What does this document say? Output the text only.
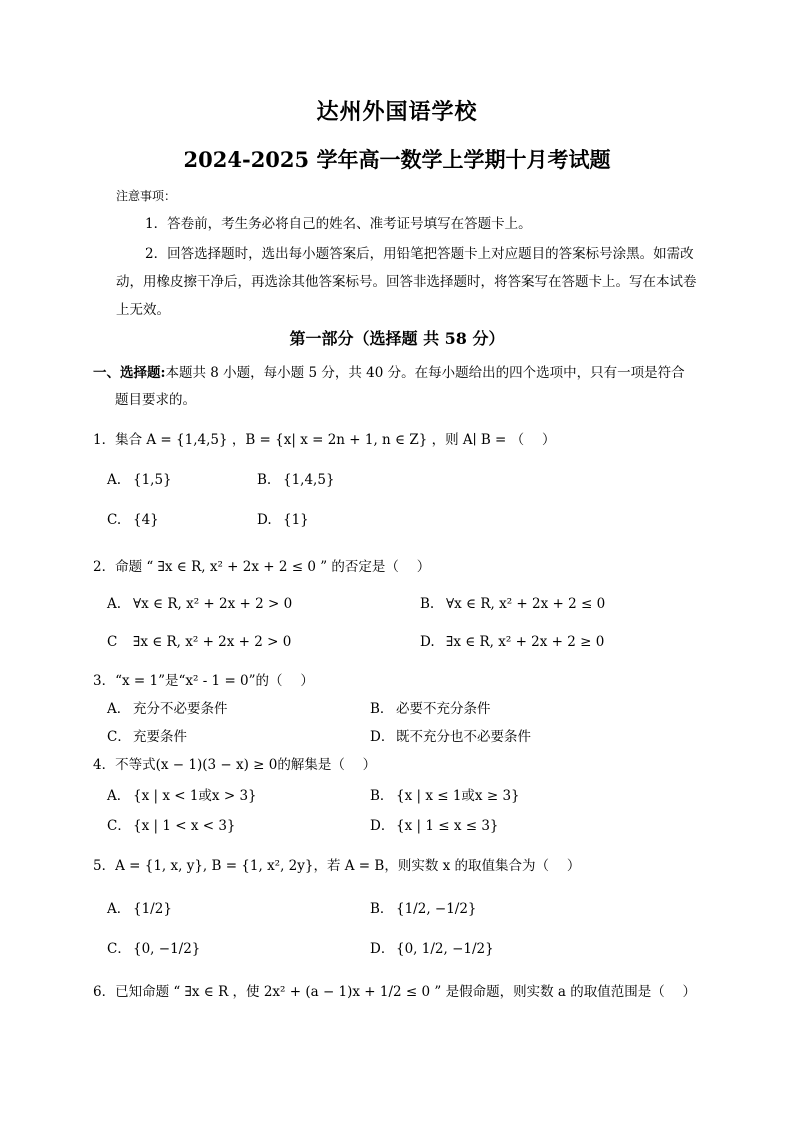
达州外国语学校
2024-2025 学年高一数学上学期十月考试题
注意事项：
1．答卷前，考生务必将自己的姓名、准考证号填写在答题卡上。
2．回答选择题时，选出每小题答案后，用铅笔把答题卡上对应题目的答案标号涂黑。如需改动，用橡皮擦干净后，再选涂其他答案标号。回答非选择题时，将答案写在答题卡上。写在本试卷上无效。
第一部分（选择题 共 58 分）
一、选择题:本题共 8 小题，每小题 5 分，共 40 分。在每小题给出的四个选项中，只有一项是符合
题目要求的。
1．集合 A = {1,4,5} ，B = {x| x = 2n + 1, n ∈ Z} ，则 A∣ B = （　 ）
A. {1,5}	B. {1,4,5}
C. {4}	D. {1}
2．命题 “ ∃x ∈ R, x² + 2x + 2 ≤ 0 ” 的否定是（　 ）
A. ∀x ∈ R, x² + 2x + 2 > 0	B. ∀x ∈ R, x² + 2x + 2 ≤ 0
C ∃x ∈ R, x² + 2x + 2 > 0	D. ∃x ∈ R, x² + 2x + 2 ≥ 0
3．“x = 1”是“x² - 1 = 0”的（　 ）
A． 充分不必要条件	B． 必要不充分条件
C． 充要条件	D． 既不充分也不必要条件
4．不等式(x − 1)(3 − x) ≥ 0的解集是（　 ）
A． {x | x < 1或x > 3}	B． {x | x ≤ 1或x ≥ 3}
C． {x | 1 < x < 3}	D． {x | 1 ≤ x ≤ 3}
5．A = {1, x, y}, B = {1, x², 2y}，若 A = B，则实数 x 的取值集合为（　 ）
A． {1/2}	B． {1/2, −1/2}
C． {0, −1/2}	D． {0, 1/2, −1/2}
6．已知命题 “ ∃x ∈ R ，使 2x² + (a − 1)x + 1/2 ≤ 0 ” 是假命题，则实数 a 的取值范围是（　 ）
